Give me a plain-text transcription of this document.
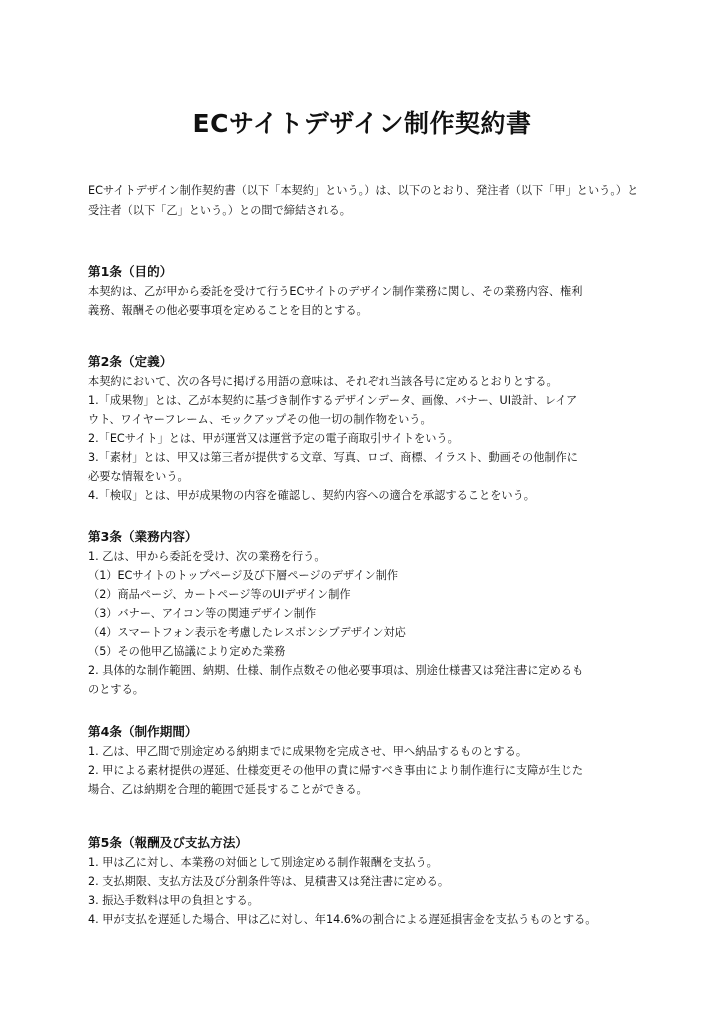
ECサイトデザイン制作契約書

ECサイトデザイン制作契約書（以下「本契約」という。）は、以下のとおり、発注者（以下「甲」という。）と受注者（以下「乙」という。）との間で締結される。

第1条（目的）

本契約は、乙が甲から委託を受けて行うECサイトのデザイン制作業務に関し、その業務内容、権利

義務、報酬その他必要事項を定めることを目的とする。

第2条（定義）

本契約において、次の各号に掲げる用語の意味は、それぞれ当該各号に定めるとおりとする。

1.「成果物」とは、乙が本契約に基づき制作するデザインデータ、画像、バナー、UI設計、レイア

ウト、ワイヤーフレーム、モックアップその他一切の制作物をいう。

2.「ECサイト」とは、甲が運営又は運営予定の電子商取引サイトをいう。

3.「素材」とは、甲又は第三者が提供する文章、写真、ロゴ、商標、イラスト、動画その他制作に

必要な情報をいう。

4.「検収」とは、甲が成果物の内容を確認し、契約内容への適合を承認することをいう。

第3条（業務内容）

1. 乙は、甲から委託を受け、次の業務を行う。

（1）ECサイトのトップページ及び下層ページのデザイン制作

（2）商品ページ、カートページ等のUIデザイン制作

（3）バナー、アイコン等の関連デザイン制作

（4）スマートフォン表示を考慮したレスポンシブデザイン対応

（5）その他甲乙協議により定めた業務

2. 具体的な制作範囲、納期、仕様、制作点数その他必要事項は、別途仕様書又は発注書に定めるも

のとする。

第4条（制作期間）

1. 乙は、甲乙間で別途定める納期までに成果物を完成させ、甲へ納品するものとする。

2. 甲による素材提供の遅延、仕様変更その他甲の責に帰すべき事由により制作進行に支障が生じた

場合、乙は納期を合理的範囲で延長することができる。

第5条（報酬及び支払方法）

1. 甲は乙に対し、本業務の対価として別途定める制作報酬を支払う。

2. 支払期限、支払方法及び分割条件等は、見積書又は発注書に定める。

3. 振込手数料は甲の負担とする。

4. 甲が支払を遅延した場合、甲は乙に対し、年14.6%の割合による遅延損害金を支払うものとする。
